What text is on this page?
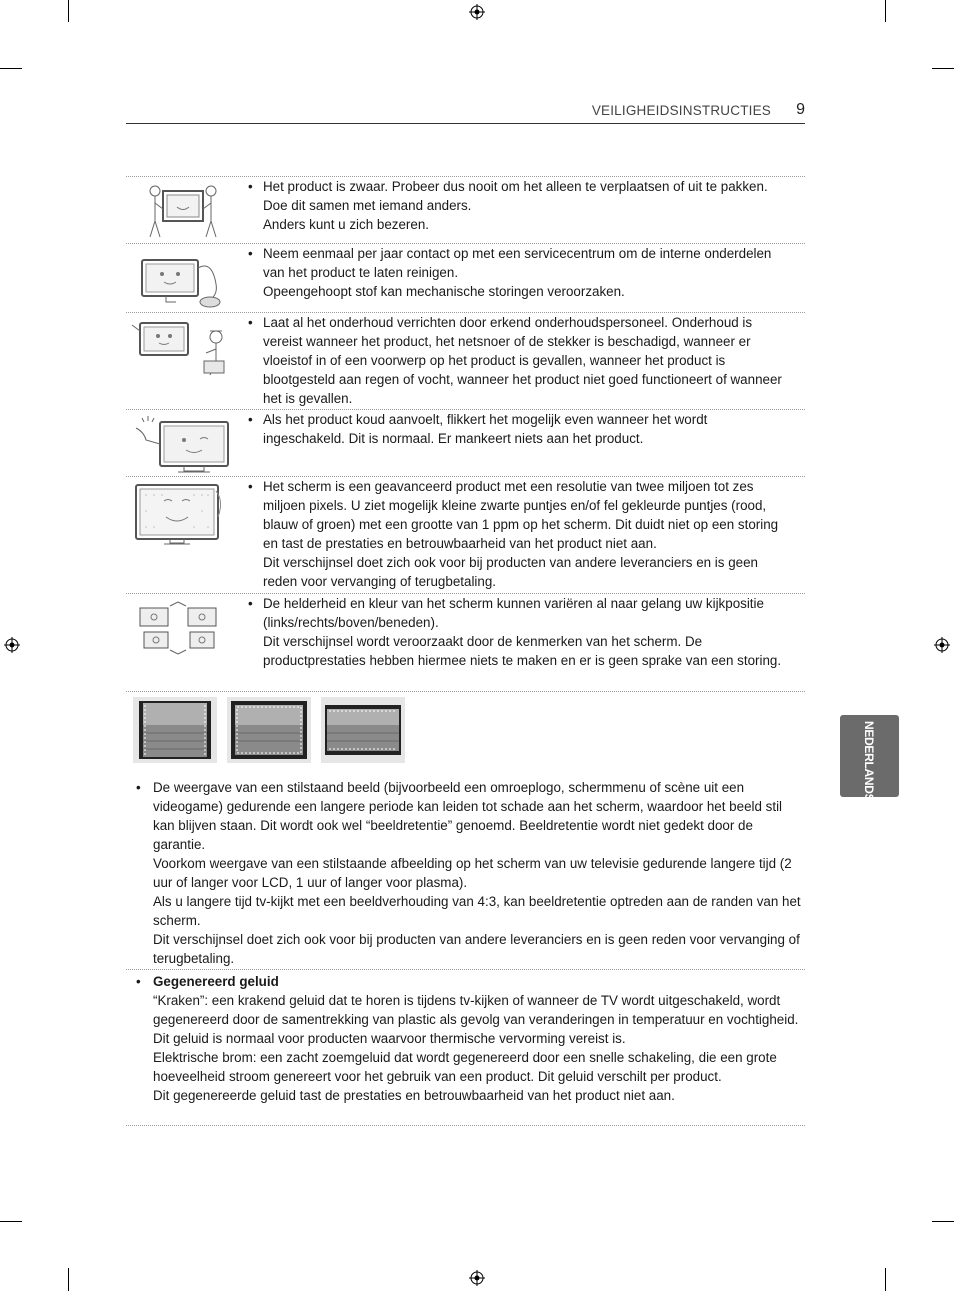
VEILIGHEIDSINSTRUCTIES 9
• Het product is zwaar. Probeer dus nooit om het alleen te verplaatsen of uit te pakken. Doe dit samen met iemand anders.

Anders kunt u zich bezeren.

• Neem eenmaal per jaar contact op met een servicecentrum om de interne onderdelen van het product te laten reinigen.

Opeengehoopt stof kan mechanische storingen veroorzaken.

• Laat al het onderhoud verrichten door erkend onderhoudspersoneel. Onderhoud is vereist wanneer het product, het netsnoer of de stekker is beschadigd, wanneer er vloeistof in of een voorwerp op het product is gevallen, wanneer het product is blootgesteld aan regen of vocht, wanneer het product niet goed functioneert of wanneer het is gevallen.

• Als het product koud aanvoelt, flikkert het mogelijk even wanneer het wordt ingeschakeld. Dit is normaal. Er mankeert niets aan het product.

• Het scherm is een geavanceerd product met een resolutie van twee miljoen tot zes miljoen pixels. U ziet mogelijk kleine zwarte puntjes en/of fel gekleurde puntjes (rood, blauw of groen) met een grootte van 1 ppm op het scherm. Dit duidt niet op een storing en tast de prestaties en betrouwbaarheid van het product niet aan.

Dit verschijnsel doet zich ook voor bij producten van andere leveranciers en is geen reden voor vervanging of terugbetaling.

• De helderheid en kleur van het scherm kunnen variëren al naar gelang uw kijkpositie (links/rechts/boven/beneden).

Dit verschijnsel wordt veroorzaakt door de kenmerken van het scherm. De productprestaties hebben hiermee niets te maken en er is geen sprake van een storing.

• De weergave van een stilstaand beeld (bijvoorbeeld een omroeplogo, schermmenu of scène uit een videogame) gedurende een langere periode kan leiden tot schade aan het scherm, waardoor het beeld stil kan blijven staan. Dit wordt ook wel “beeldretentie” genoemd. Beeldretentie wordt niet gedekt door de garantie.

Voorkom weergave van een stilstaande afbeelding op het scherm van uw televisie gedurende langere tijd (2 uur of langer voor LCD, 1 uur of langer voor plasma).

Als u langere tijd tv-kijkt met een beeldverhouding van 4:3, kan beeldretentie optreden aan de randen van het scherm.

Dit verschijnsel doet zich ook voor bij producten van andere leveranciers en is geen reden voor vervanging of terugbetaling.

• Gegenereerd geluid

“Kraken”: een krakend geluid dat te horen is tijdens tv-kijken of wanneer de TV wordt uitgeschakeld, wordt gegenereerd door de samentrekking van plastic als gevolg van veranderingen in temperatuur en vochtigheid. Dit geluid is normaal voor producten waarvoor thermische vervorming vereist is.

Elektrische brom: een zacht zoemgeluid dat wordt gegenereerd door een snelle schakeling, die een grote hoeveelheid stroom genereert voor het gebruik van een product. Dit geluid verschilt per product.

Dit gegenereerde geluid tast de prestaties en betrouwbaarheid van het product niet aan.

NEDERLANDS
